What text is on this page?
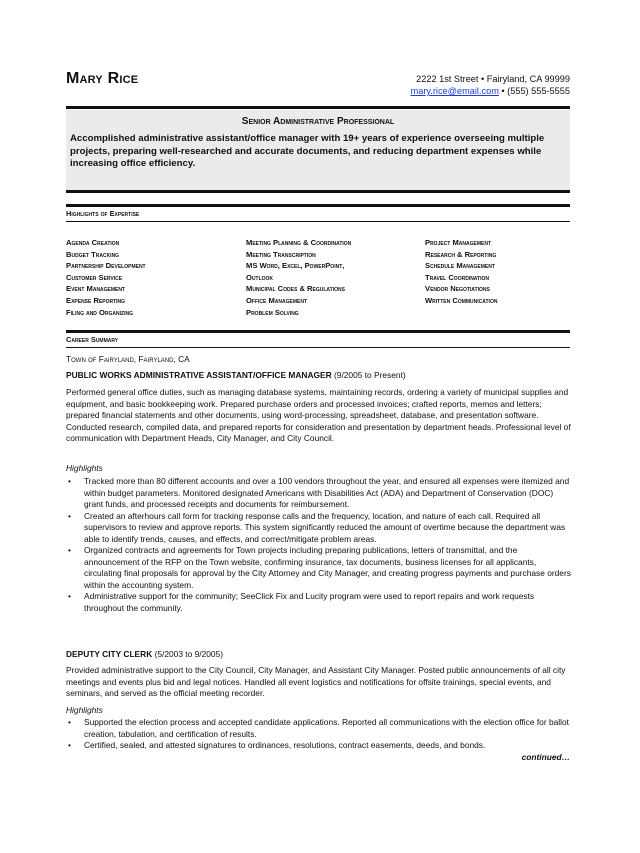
Mary Rice	2222 1st Street • Fairyland, CA 99999
mary.rice@email.com • (555) 555-5555
Senior Administrative Professional
Accomplished administrative assistant/office manager with 19+ years of experience overseeing multiple projects, preparing well-researched and accurate documents, and reducing department expenses while increasing office efficiency.
Highlights of Expertise
Agenda Creation
Budget Tracking
Partnership Development
Customer Service
Event Management
Expense Reporting
Filing and Organizing
Meeting Planning & Coordination
Meeting Transcription
MS Word, Excel, PowerPoint,
Outlook
Municipal Codes & Regulations
Office Management
Problem Solving
Project Management
Research & Reporting
Schedule Management
Travel Coordination
Vendor Negotiations
Written Communication
Career Summary
Town of Fairyland, Fairyland, CA
PUBLIC WORKS ADMINISTRATIVE ASSISTANT/OFFICE MANAGER (9/2005 to Present)
Performed general office duties, such as managing database systems, maintaining records, ordering a variety of municipal supplies and equipment, and basic bookkeeping work. Prepared purchase orders and processed invoices; crafted reports, memos and letters; prepared financial statements and other documents, using word-processing, spreadsheet, database, and presentation software. Conducted research, compiled data, and prepared reports for consideration and presentation by department heads. Professional level of communication with Department Heads, City Manager, and City Council.
Highlights
• Tracked more than 80 different accounts and over a 100 vendors throughout the year, and ensured all expenses were itemized and within budget parameters. Monitored designated Americans with Disabilities Act (ADA) and Department of Conservation (DOC) grant funds, and processed receipts and documents for reimbursement.
• Created an afterhours call form for tracking response calls and the frequency, location, and nature of each call. Required all supervisors to review and approve reports. This system significantly reduced the amount of overtime because the department was able to identify trends, causes, and effects, and correct/mitigate problem areas.
• Organized contracts and agreements for Town projects including preparing publications, letters of transmittal, and the announcement of the RFP on the Town website, confirming insurance, tax documents, business licenses for all applicants, circulating final proposals for approval by the City Attorney and City Manager, and creating progress payments and purchase orders within the accounting system.
• Administrative support for the community; SeeClick Fix and Lucity program were used to report repairs and work requests throughout the community.
DEPUTY CITY CLERK (5/2003 to 9/2005)
Provided administrative support to the City Council, City Manager, and Assistant City Manager. Posted public announcements of all city meetings and events plus bid and legal notices. Handled all event logistics and notifications for offsite trainings, special events, and seminars, and served as the official meeting recorder.
Highlights
• Supported the election process and accepted candidate applications. Reported all communications with the election office for ballot creation, tabulation, and certification of results.
• Certified, sealed, and attested signatures to ordinances, resolutions, contract easements, deeds, and bonds.
continued…
